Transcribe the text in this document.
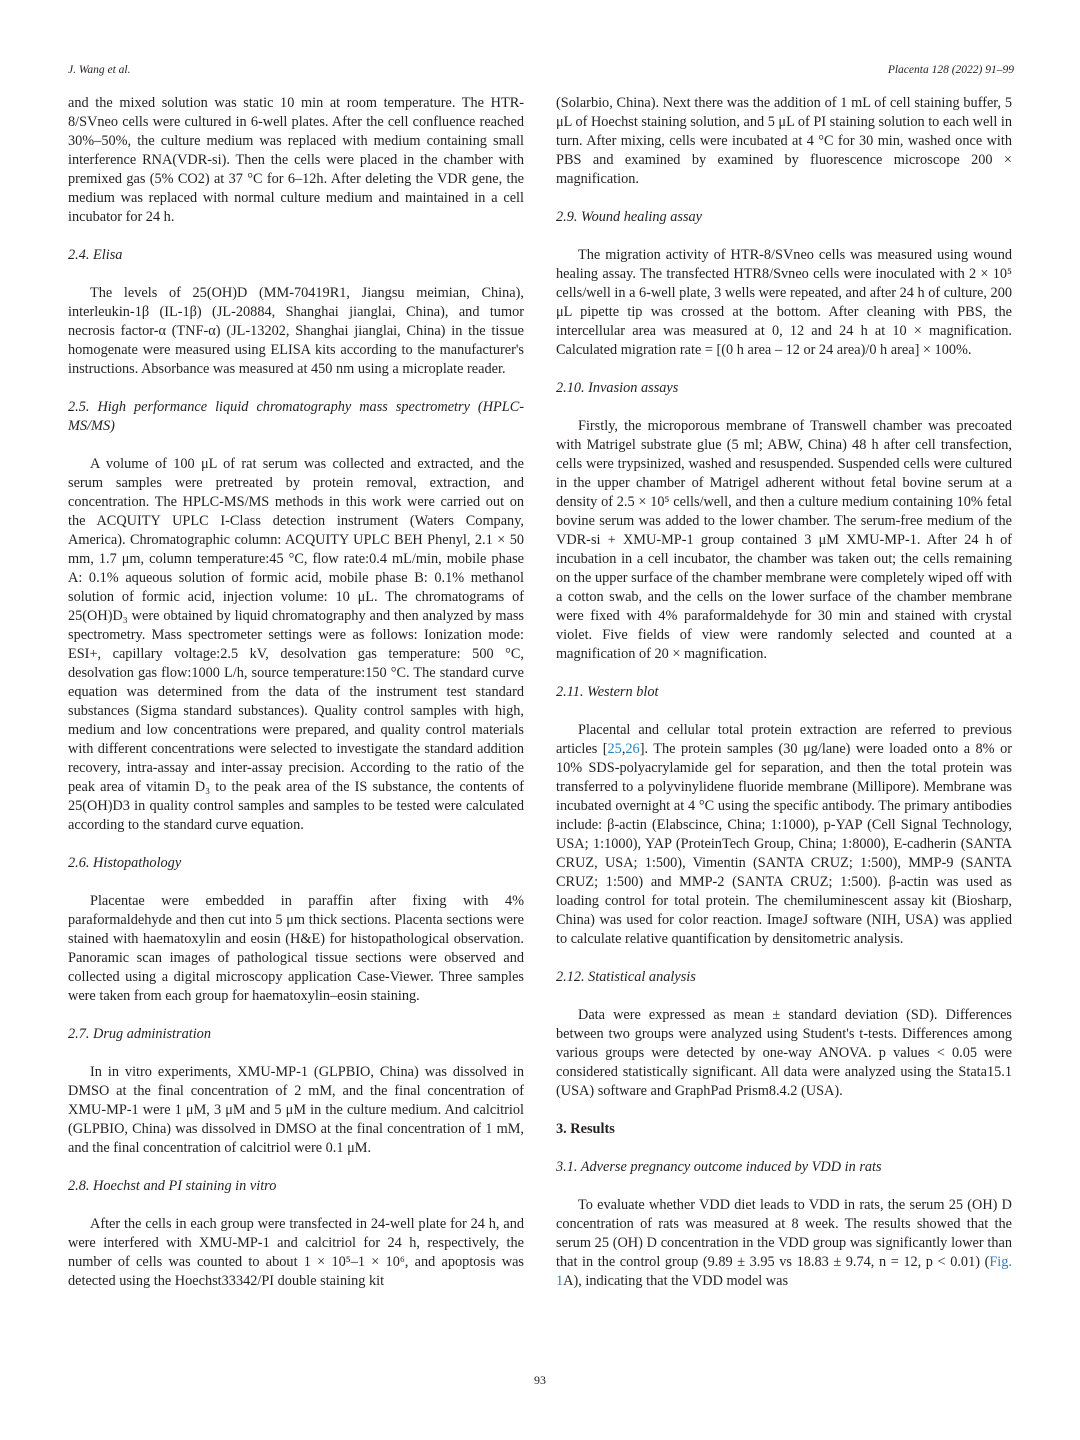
J. Wang et al.	Placenta 128 (2022) 91–99

and the mixed solution was static 10 min at room temperature. The HTR-8/SVneo cells were cultured in 6-well plates. After the cell confluence reached 30%–50%, the culture medium was replaced with medium containing small interference RNA(VDR-si). Then the cells were placed in the chamber with premixed gas (5% CO2) at 37 °C for 6–12h. After deleting the VDR gene, the medium was replaced with normal culture medium and maintained in a cell incubator for 24 h.

2.4. Elisa

The levels of 25(OH)D (MM-70419R1, Jiangsu meimian, China), interleukin-1β (IL-1β) (JL-20884, Shanghai jianglai, China), and tumor necrosis factor-α (TNF-α) (JL-13202, Shanghai jianglai, China) in the tissue homogenate were measured using ELISA kits according to the manufacturer's instructions. Absorbance was measured at 450 nm using a microplate reader.

2.5. High performance liquid chromatography mass spectrometry (HPLC-MS/MS)

A volume of 100 μL of rat serum was collected and extracted, and the serum samples were pretreated by protein removal, extraction, and concentration. The HPLC-MS/MS methods in this work were carried out on the ACQUITY UPLC I-Class detection instrument (Waters Company, America). Chromatographic column: ACQUITY UPLC BEH Phenyl, 2.1 × 50 mm, 1.7 μm, column temperature:45 °C, flow rate:0.4 mL/min, mobile phase A: 0.1% aqueous solution of formic acid, mobile phase B: 0.1% methanol solution of formic acid, injection volume: 10 μL. The chromatograms of 25(OH)D₃ were obtained by liquid chromatography and then analyzed by mass spectrometry. Mass spectrometer settings were as follows: Ionization mode: ESI+, capillary voltage:2.5 kV, desolvation gas temperature: 500 °C, desolvation gas flow:1000 L/h, source temperature:150 °C. The standard curve equation was determined from the data of the instrument test standard substances (Sigma standard substances). Quality control samples with high, medium and low concentrations were prepared, and quality control materials with different concentrations were selected to investigate the standard addition recovery, intra-assay and inter-assay precision. According to the ratio of the peak area of vitamin D₃ to the peak area of the IS substance, the contents of 25(OH)D3 in quality control samples and samples to be tested were calculated according to the standard curve equation.

2.6. Histopathology

Placentae were embedded in paraffin after fixing with 4% paraformaldehyde and then cut into 5 μm thick sections. Placenta sections were stained with haematoxylin and eosin (H&E) for histopathological observation. Panoramic scan images of pathological tissue sections were observed and collected using a digital microscopy application Case-Viewer. Three samples were taken from each group for haematoxylin–eosin staining.

2.7. Drug administration

In in vitro experiments, XMU-MP-1 (GLPBIO, China) was dissolved in DMSO at the final concentration of 2 mM, and the final concentration of XMU-MP-1 were 1 μM, 3 μM and 5 μM in the culture medium. And calcitriol (GLPBIO, China) was dissolved in DMSO at the final concentration of 1 mM, and the final concentration of calcitriol were 0.1 μM.

2.8. Hoechst and PI staining in vitro

After the cells in each group were transfected in 24-well plate for 24 h, and were interfered with XMU-MP-1 and calcitriol for 24 h, respectively, the number of cells was counted to about 1 × 10⁵–1 × 10⁶, and apoptosis was detected using the Hoechst33342/PI double staining kit

(Solarbio, China). Next there was the addition of 1 mL of cell staining buffer, 5 μL of Hoechst staining solution, and 5 μL of PI staining solution to each well in turn. After mixing, cells were incubated at 4 °C for 30 min, washed once with PBS and examined by examined by fluorescence microscope 200 × magnification.

2.9. Wound healing assay

The migration activity of HTR-8/SVneo cells was measured using wound healing assay. The transfected HTR8/Svneo cells were inoculated with 2 × 10⁵ cells/well in a 6-well plate, 3 wells were repeated, and after 24 h of culture, 200 μL pipette tip was crossed at the bottom. After cleaning with PBS, the intercellular area was measured at 0, 12 and 24 h at 10 × magnification. Calculated migration rate = [(0 h area – 12 or 24 area)/0 h area] × 100%.

2.10. Invasion assays

Firstly, the microporous membrane of Transwell chamber was precoated with Matrigel substrate glue (5 ml; ABW, China) 48 h after cell transfection, cells were trypsinized, washed and resuspended. Suspended cells were cultured in the upper chamber of Matrigel adherent without fetal bovine serum at a density of 2.5 × 10⁵ cells/well, and then a culture medium containing 10% fetal bovine serum was added to the lower chamber. The serum-free medium of the VDR-si + XMU-MP-1 group contained 3 μM XMU-MP-1. After 24 h of incubation in a cell incubator, the chamber was taken out; the cells remaining on the upper surface of the chamber membrane were completely wiped off with a cotton swab, and the cells on the lower surface of the chamber membrane were fixed with 4% paraformaldehyde for 30 min and stained with crystal violet. Five fields of view were randomly selected and counted at a magnification of 20 × magnification.

2.11. Western blot

Placental and cellular total protein extraction are referred to previous articles [25,26]. The protein samples (30 μg/lane) were loaded onto a 8% or 10% SDS-polyacrylamide gel for separation, and then the total protein was transferred to a polyvinylidene fluoride membrane (Millipore). Membrane was incubated overnight at 4 °C using the specific antibody. The primary antibodies include: β-actin (Elabscince, China; 1:1000), p-YAP (Cell Signal Technology, USA; 1:1000), YAP (ProteinTech Group, China; 1:8000), E-cadherin (SANTA CRUZ, USA; 1:500), Vimentin (SANTA CRUZ; 1:500), MMP-9 (SANTA CRUZ; 1:500) and MMP-2 (SANTA CRUZ; 1:500). β-actin was used as loading control for total protein. The chemiluminescent assay kit (Biosharp, China) was used for color reaction. ImageJ software (NIH, USA) was applied to calculate relative quantification by densitometric analysis.

2.12. Statistical analysis

Data were expressed as mean ± standard deviation (SD). Differences between two groups were analyzed using Student's t-tests. Differences among various groups were detected by one-way ANOVA. p values < 0.05 were considered statistically significant. All data were analyzed using the Stata15.1 (USA) software and GraphPad Prism8.4.2 (USA).

3. Results
3.1. Adverse pregnancy outcome induced by VDD in rats

To evaluate whether VDD diet leads to VDD in rats, the serum 25 (OH) D concentration of rats was measured at 8 week. The results showed that the serum 25 (OH) D concentration in the VDD group was significantly lower than that in the control group (9.89 ± 3.95 vs 18.83 ± 9.74, n = 12, p < 0.01) (Fig. 1A), indicating that the VDD model was

93
